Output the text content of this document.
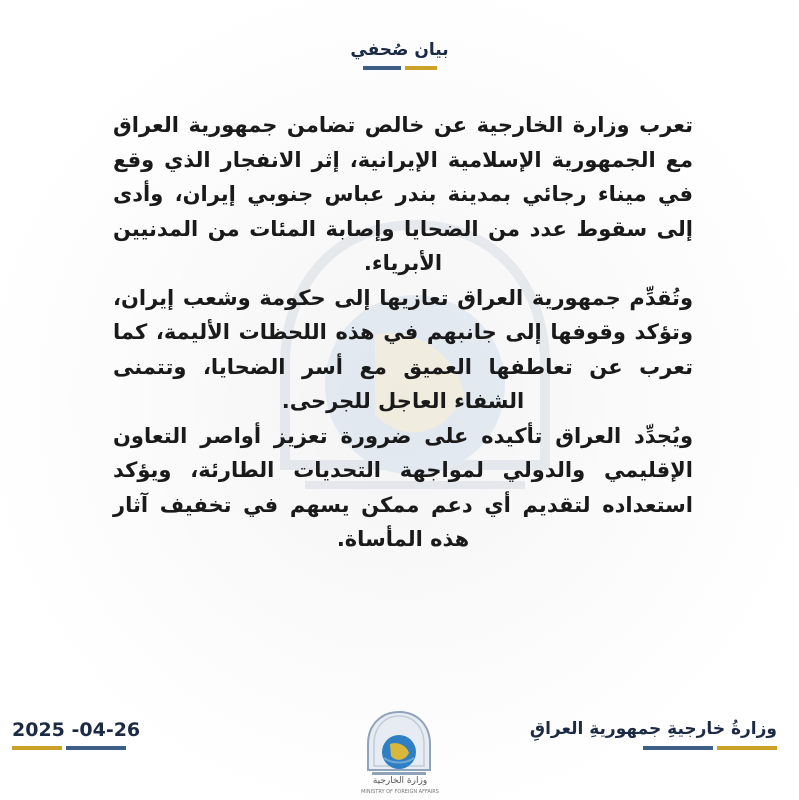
بيان صُحفي

تعرب وزارة الخارجية عن خالص تضامن جمهورية العراق مع الجمهورية الإسلامية الإيرانية، إثر الانفجار الذي وقع في ميناء رجائي بمدينة بندر عباس جنوبي إيران، وأدى إلى سقوط عدد من الضحايا وإصابة المئات من المدنيين الأبرياء.

وتُقدِّم جمهورية العراق تعازيها إلى حكومة وشعب إيران، وتؤكد وقوفها إلى جانبهم في هذه اللحظات الأليمة، كما تعرب عن تعاطفها العميق مع أسر الضحايا، وتتمنى الشفاء العاجل للجرحى.

ويُجدِّد العراق تأكيده على ضرورة تعزيز أواصر التعاون الإقليمي والدولي لمواجهة التحديات الطارئة، ويؤكد استعداده لتقديم أي دعم ممكن يسهم في تخفيف آثار هذه المأساة.

2025 -04-26
وزارة الخارجية
MINISTRY OF FOREIGN AFFAIRS
وزارةُ خارجيةِ جمهوريةِ العراقِ
